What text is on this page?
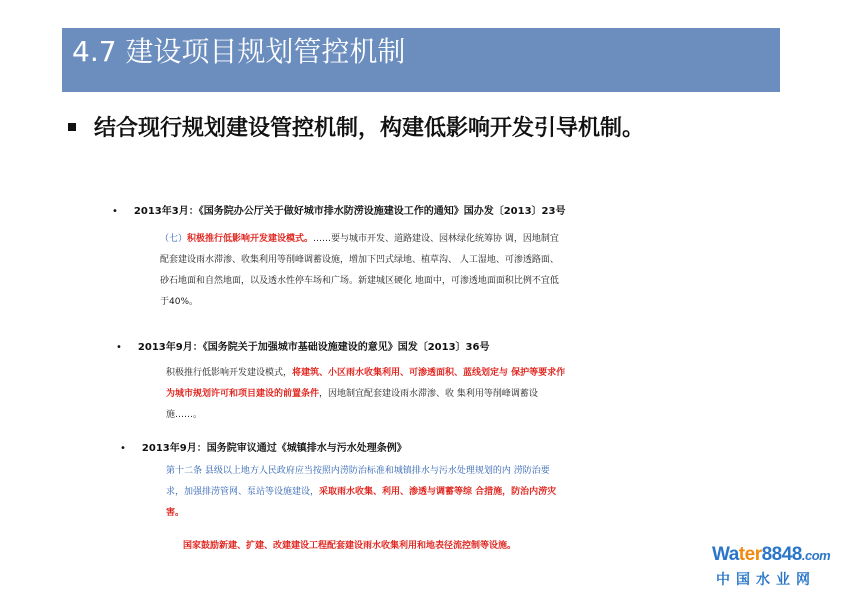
4.7 建设项目规划管控机制
结合现行规划建设管控机制，构建低影响开发引导机制。
• 2013年3月：《国务院办公厅关于做好城市排水防涝设施建设工作的通知》国办发〔2013〕23号
（七）积极推行低影响开发建设模式。……要与城市开发、道路建设、园林绿化统筹协 调，因地制宜
配套建设雨水滞渗、收集利用等削峰调蓄设施，增加下凹式绿地、植草沟、 人工湿地、可渗透路面、
砂石地面和自然地面，以及透水性停车场和广场。新建城区硬化 地面中，可渗透地面面积比例不宜低
于40%。
• 2013年9月：《国务院关于加强城市基础设施建设的意见》国发〔2013〕36号
积极推行低影响开发建设模式，将建筑、小区雨水收集利用、可渗透面积、蓝线划定与 保护等要求作
为城市规划许可和项目建设的前置条件，因地制宜配套建设雨水滞渗、收 集利用等削峰调蓄设
施……。
• 2013年9月：国务院审议通过《城镇排水与污水处理条例》
第十二条 县级以上地方人民政府应当按照内涝防治标准和城镇排水与污水处理规划的内 涝防治要
求，加强排涝管网、泵站等设施建设，采取雨水收集、利用、渗透与调蓄等综 合措施，防治内涝灾
害。
国家鼓励新建、扩建、改建建设工程配套建设雨水收集利用和地表径流控制等设施。	Water8848.com
中国水业网
